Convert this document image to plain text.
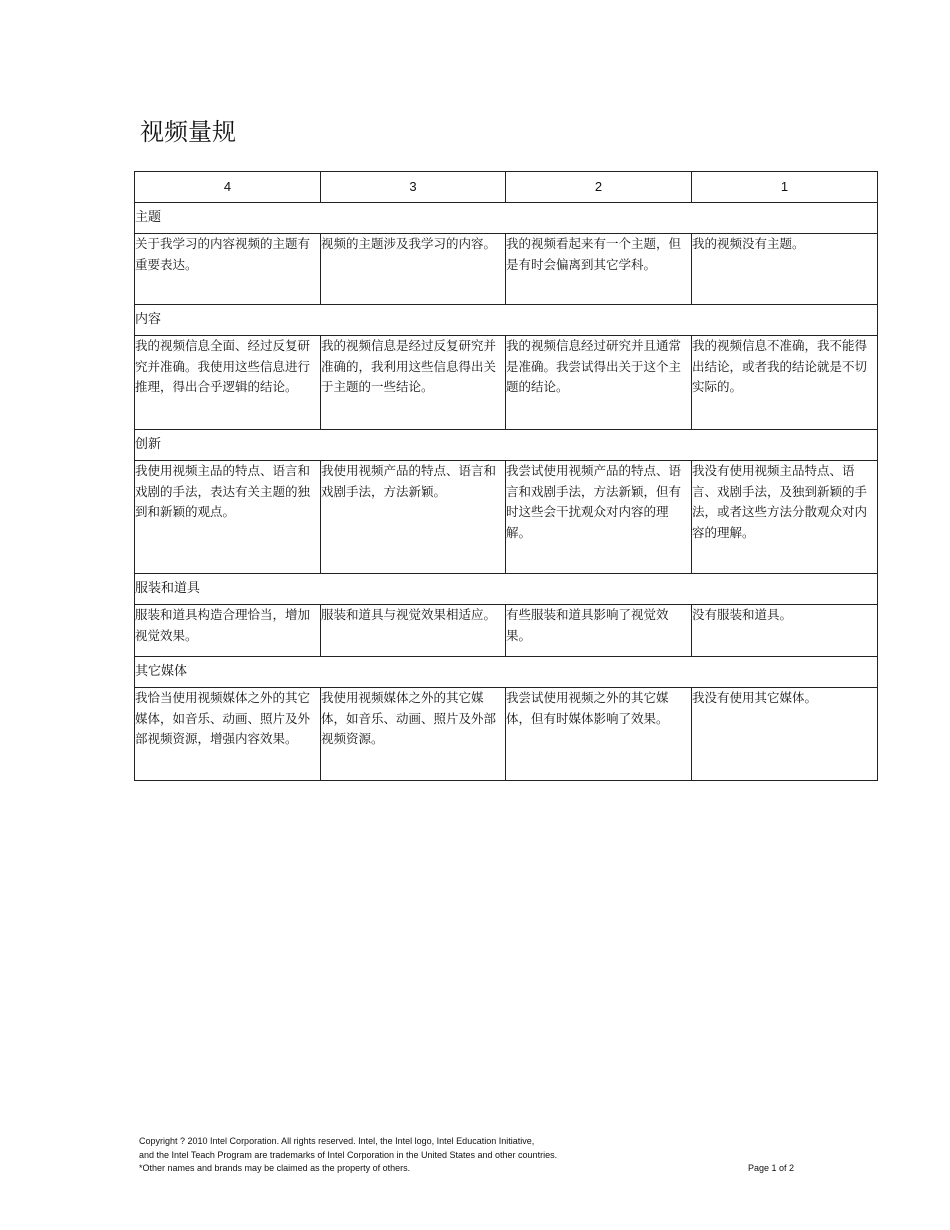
视频量规
4	3	2	1
主题			
关于我学习的内容视频的主题有重要表达。	视频的主题涉及我学习的内容。	我的视频看起来有一个主题，但是有时会偏离到其它学科。	我的视频没有主题。
内容			
我的视频信息全面、经过反复研究并准确。我使用这些信息进行推理，得出合乎逻辑的结论。	我的视频信息是经过反复研究并准确的，我利用这些信息得出关于主题的一些结论。	我的视频信息经过研究并且通常是准确。我尝试得出关于这个主题的结论。	我的视频信息不准确，我不能得出结论，或者我的结论就是不切实际的。
创新			
我使用视频主品的特点、语言和戏剧的手法，表达有关主题的独到和新颖的观点。	我使用视频产品的特点、语言和戏剧手法，方法新颖。	我尝试使用视频产品的特点、语言和戏剧手法，方法新颖，但有时这些会干扰观众对内容的理解。	我没有使用视频主品特点、语言、戏剧手法，及独到新颖的手法，或者这些方法分散观众对内容的理解。
服装和道具			
服装和道具构造合理恰当，增加视觉效果。	服装和道具与视觉效果相适应。	有些服装和道具影响了视觉效果。	没有服装和道具。
其它媒体			
我恰当使用视频媒体之外的其它媒体，如音乐、动画、照片及外部视频资源，增强内容效果。	我使用视频媒体之外的其它媒体，如音乐、动画、照片及外部视频资源。	我尝试使用视频之外的其它媒体，但有时媒体影响了效果。	我没有使用其它媒体。
Copyright ? 2010 Intel Corporation. All rights reserved. Intel, the Intel logo, Intel Education Initiative,
and the Intel Teach Program are trademarks of Intel Corporation in the United States and other countries.
*Other names and brands may be claimed as the property of others.	Page 1 of 2
